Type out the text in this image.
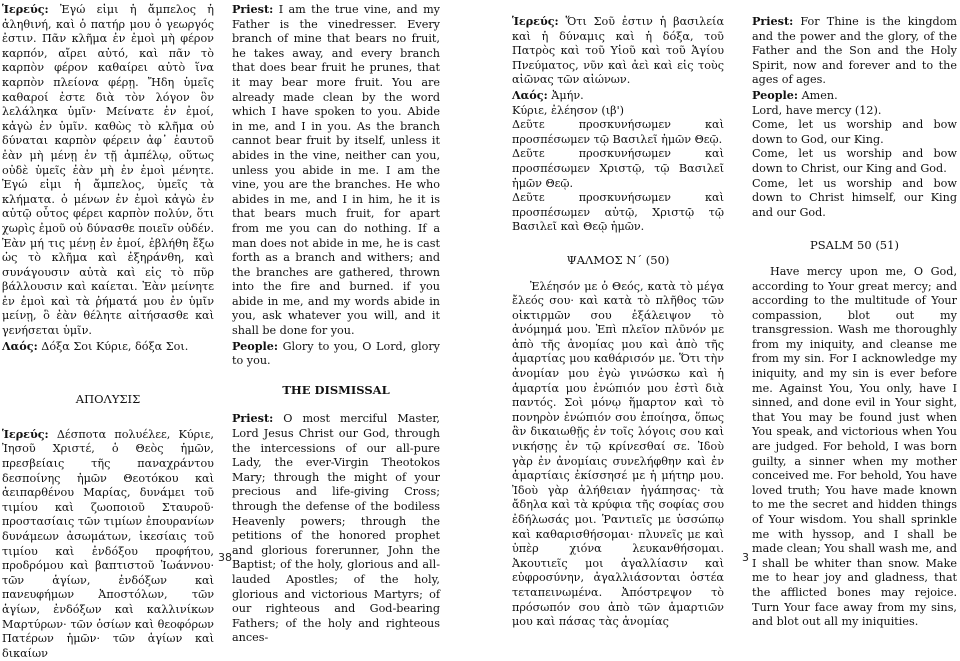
Ἱερεύς: Ἐγώ εἰμι ἡ ἄμπελος ἡ ἀληθινή, καὶ ὁ πατήρ μου ὁ γεωργός ἐστιν. Πᾶν κλῆμα ἐν ἐμοὶ μὴ φέρον καρπόν, αἴρει αὐτό, καὶ πᾶν τὸ καρπὸν φέρον καθαίρει αὐτὸ ἵνα καρπὸν πλείονα φέρῃ. Ἤδη ὑμεῖς καθαροί ἐστε διὰ τὸν λόγον ὃν λελάληκα ὑμῖν· Μείνατε ἐν ἐμοί, κἀγὼ ἐν ὑμῖν. καθὼς τὸ κλῆμα οὐ δύναται καρπὸν φέρειν ἀφ᾽ ἑαυτοῦ ἐὰν μὴ μένῃ ἐν τῇ ἀμπέλῳ, οὕτως οὐδὲ ὑμεῖς ἐὰν μὴ ἐν ἐμοὶ μένητε. Ἐγώ εἰμι ἡ ἄμπελος, ὑμεῖς τὰ κλήματα. ὁ μένων ἐν ἐμοὶ κἀγὼ ἐν αὐτῷ οὗτος φέρει καρπὸν πολύν, ὅτι χωρὶς ἐμοῦ οὐ δύνασθε ποιεῖν οὐδέν. Ἐὰν μή τις μένῃ ἐν ἐμοί, ἐβλήθη ἔξω ὡς τὸ κλῆμα καὶ ἐξηράνθη, καὶ συνάγουσιν αὐτὰ καὶ εἰς τὸ πῦρ βάλλουσιν καὶ καίεται. Ἐὰν μείνητε ἐν ἐμοὶ καὶ τὰ ῥήματά μου ἐν ὑμῖν μείνῃ, ὃ ἐὰν θέλητε αἰτήσασθε καὶ γενήσεται ὑμῖν.

Λαός: Δόξα Σοι Κύριε, δόξα Σοι.

ΑΠΟΛΥΣΙΣ

Ἱερεύς: Δέσποτα πολυέλεε, Κύριε, Ἰησοῦ Χριστέ, ὁ Θεὸς ἡμῶν, πρεσβείαις τῆς παναχράντου δεσποίνης ἡμῶν Θεοτόκου καὶ ἀειπαρθένου Μαρίας, δυνάμει τοῦ τιμίου καὶ ζωοποιοῦ Σταυροῦ· προστασίαις τῶν τιμίων ἐπουρανίων δυνάμεων ἀσωμάτων, ἱκεσίαις τοῦ τιμίου καὶ ἐνδόξου προφήτου, προδρόμου καὶ βαπτιστοῦ Ἰωάννου· τῶν ἁγίων, ἐνδόξων καὶ πανευφήμων Ἀποστόλων, τῶν ἁγίων, ἐνδόξων καὶ καλλινίκων Μαρτύρων· τῶν ὁσίων καὶ θεοφόρων Πατέρων ἡμῶν· τῶν ἁγίων καὶ δικαίων

Priest: I am the true vine, and my Father is the vinedresser. Every branch of mine that bears no fruit, he takes away, and every branch that does bear fruit he prunes, that it may bear more fruit. You are already made clean by the word which I have spoken to you. Abide in me, and I in you. As the branch cannot bear fruit by itself, unless it abides in the vine, neither can you, unless you abide in me. I am the vine, you are the branches. He who abides in me, and I in him, he it is that bears much fruit, for apart from me you can do nothing. If a man does not abide in me, he is cast forth as a branch and withers; and the branches are gathered, thrown into the fire and burned. if you abide in me, and my words abide in you, ask whatever you will, and it shall be done for you.

People: Glory to you, O Lord, glory to you.

THE DISMISSAL

Priest: O most merciful Master, Lord Jesus Christ our God, through the intercessions of our all-pure Lady, the ever-Virgin Theotokos Mary; through the might of your precious and life-giving Cross; through the defense of the bodiless Heavenly powers; through the petitions of the honored prophet and glorious forerunner, John the Baptist; of the holy, glorious and all-lauded Apostles; of the holy, glorious and victorious Martyrs; of our righteous and God-bearing Fathers; of the holy and righteous ances-

38

Ἱερεύς: Ὅτι Σοῦ ἐστιν ἡ βασιλεία καὶ ἡ δύναμις καὶ ἡ δόξα, τοῦ Πατρὸς καὶ τοῦ Υἱοῦ καὶ τοῦ Ἁγίου Πνεύματος, νῦν καὶ ἀεὶ καὶ εἰς τοὺς αἰῶνας τῶν αἰώνων.

Λαός: Ἀμήν.

Κύριε, ἐλέησον (ιβ')

Δεῦτε προσκυνήσωμεν καὶ προσπέσωμεν τῷ Βασιλεῖ ἡμῶν Θεῷ.

Δεῦτε προσκυνήσωμεν καὶ προσπέσωμεν Χριστῷ, τῷ Βασιλεῖ ἡμῶν Θεῷ.

Δεῦτε προσκυνήσωμεν καὶ προσπέσωμεν αὐτῷ, Χριστῷ τῷ Βασιλεῖ καὶ Θεῷ ἡμῶν.

ΨΑΛΜΟΣ Ν΄ (50)

Ἐλέησόν με ὁ Θεός, κατὰ τὸ μέγα ἔλεός σου· καὶ κατὰ τὸ πλῆθος τῶν οἰκτιρμῶν σου ἐξάλειψον τὸ ἀνόμημά μου. Ἐπὶ πλεῖον πλῦνόν με ἀπὸ τῆς ἀνομίας μου καὶ ἀπὸ τῆς ἁμαρτίας μου καθάρισόν με. Ὅτι τὴν ἀνομίαν μου ἐγὼ γινώσκω καὶ ἡ ἁμαρτία μου ἐνώπιόν μου ἐστὶ διὰ παντός. Σοὶ μόνῳ ἥμαρτον καὶ τὸ πονηρὸν ἐνώπιόν σου ἐποίησα, ὅπως ἂν δικαιωθῇς ἐν τοῖς λόγοις σου καὶ νικήσῃς ἐν τῷ κρίνεσθαί σε. Ἰδοὺ γὰρ ἐν ἀνομίαις συνελήφθην καὶ ἐν ἁμαρτίαις ἐκίσσησέ με ἡ μήτηρ μου. Ἰδοὺ γὰρ ἀλήθειαν ἠγάπησας· τὰ ἄδηλα καὶ τὰ κρύφια τῆς σοφίας σου ἐδήλωσάς μοι. Ῥαντιεῖς με ὑσσώπῳ καὶ καθαρισθήσομαι· πλυνεῖς με καὶ ὑπὲρ χιόνα λευκανθήσομαι. Ἀκουτιεῖς μοι ἀγαλλίασιν καὶ εὐφροσύνην, ἀγαλλιάσονται ὀστέα τεταπεινωμένα. Ἀπόστρεψον τὸ πρόσωπόν σου ἀπὸ τῶν ἁμαρτιῶν μου καὶ πάσας τὰς ἀνομίας

Priest: For Thine is the kingdom and the power and the glory, of the Father and the Son and the Holy Spirit, now and forever and to the ages of ages.

People: Amen.

Lord, have mercy (12).

Come, let us worship and bow down to God, our King.

Come, let us worship and bow down to Christ, our King and God.

Come, let us worship and bow down to Christ himself, our King and our God.

PSALM 50 (51)

Have mercy upon me, O God, according to Your great mercy; and according to the multitude of Your compassion, blot out my transgression. Wash me thoroughly from my iniquity, and cleanse me from my sin. For I acknowledge my iniquity, and my sin is ever before me. Against You, You only, have I sinned, and done evil in Your sight, that You may be found just when You speak, and victorious when You are judged. For behold, I was born guilty, a sinner when my mother conceived me. For behold, You have loved truth; You have made known to me the secret and hidden things of Your wisdom. You shall sprinkle me with hyssop, and I shall be made clean; You shall wash me, and I shall be whiter than snow. Make me to hear joy and gladness, that the afflicted bones may rejoice. Turn Your face away from my sins, and blot out all my iniquities.

3
